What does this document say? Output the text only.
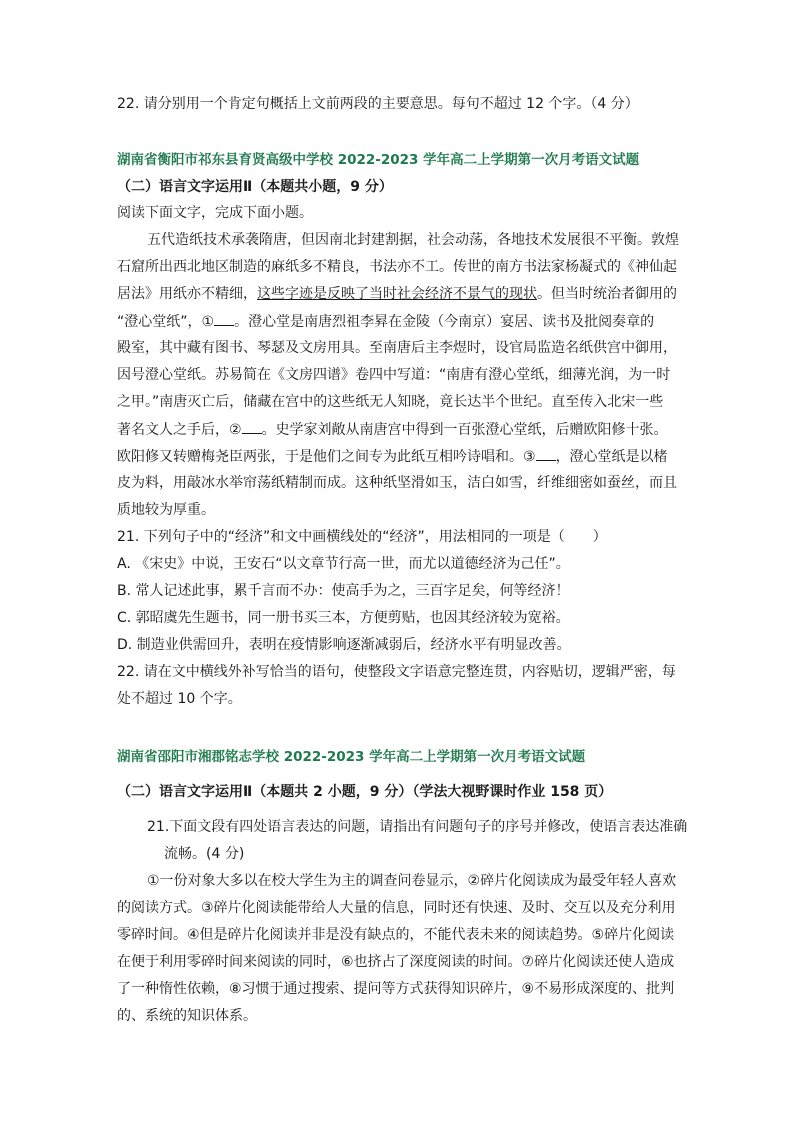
22. 请分别用一个肯定句概括上文前两段的主要意思。每句不超过 12 个字。（4 分）
湖南省衡阳市祁东县育贤高级中学校 2022-2023 学年高二上学期第一次月考语文试题
（二）语言文字运用Ⅱ（本题共小题，9 分）
阅读下面文字，完成下面小题。
五代造纸技术承袭隋唐，但因南北封建割据，社会动荡，各地技术发展很不平衡。敦煌
石窟所出西北地区制造的麻纸多不精良，书法亦不工。传世的南方书法家杨凝式的《神仙起
居法》用纸亦不精细，这些字迹是反映了当时社会经济不景气的现状。但当时统治者御用的
“澄心堂纸”，① 。澄心堂是南唐烈祖李昪在金陵（今南京）宴居、读书及批阅奏章的
殿室，其中藏有图书、琴瑟及文房用具。至南唐后主李煜时，设官局监造名纸供宫中御用，
因号澄心堂纸。苏易简在《文房四谱》卷四中写道：“南唐有澄心堂纸，细薄光润，为一时
之甲。”南唐灭亡后，储藏在宫中的这些纸无人知晓，竟长达半个世纪。直至传入北宋一些
著名文人之手后，② 。史学家刘敞从南唐宫中得到一百张澄心堂纸，后赠欧阳修十张。
欧阳修又转赠梅尧臣两张，于是他们之间专为此纸互相吟诗唱和。③ ，澄心堂纸是以楮
皮为料，用敲冰水举帘荡纸精制而成。这种纸坚滑如玉，洁白如雪，纤维细密如蚕丝，而且
质地较为厚重。
21. 下列句子中的“经济”和文中画横线处的“经济”，用法相同的一项是（　　）
A. 《宋史》中说，王安石“以文章节行高一世，而尤以道德经济为己任”。
B. 常人记述此事，累千言而不办：使高手为之，三百字足矣，何等经济！
C. 郭昭虞先生题书，同一册书买三本，方便剪贴，也因其经济较为宽裕。
D. 制造业供需回升，表明在疫情影响逐渐减弱后，经济水平有明显改善。
22. 请在文中横线外补写恰当的语句，使整段文字语意完整连贯，内容贴切，逻辑严密，每
处不超过 10 个字。
湖南省邵阳市湘郡铭志学校 2022-2023 学年高二上学期第一次月考语文试题
（二）语言文字运用Ⅱ（本题共 2 小题，9 分）（学法大视野课时作业 158 页）
21.下面文段有四处语言表达的问题，请指出有问题句子的序号并修改，使语言表达准确
流畅。(4 分)
①一份对象大多以在校大学生为主的调查问卷显示，②碎片化阅读成为最受年轻人喜欢
的阅读方式。③碎片化阅读能带给人大量的信息，同时还有快速、及时、交互以及充分利用
零碎时间。④但是碎片化阅读并非是没有缺点的，不能代表未来的阅读趋势。⑤碎片化阅读
在便于利用零碎时间来阅读的同时，⑥也挤占了深度阅读的时间。⑦碎片化阅读还使人造成
了一种惰性依赖，⑧习惯于通过搜索、提问等方式获得知识碎片，⑨不易形成深度的、批判
的、系统的知识体系。
